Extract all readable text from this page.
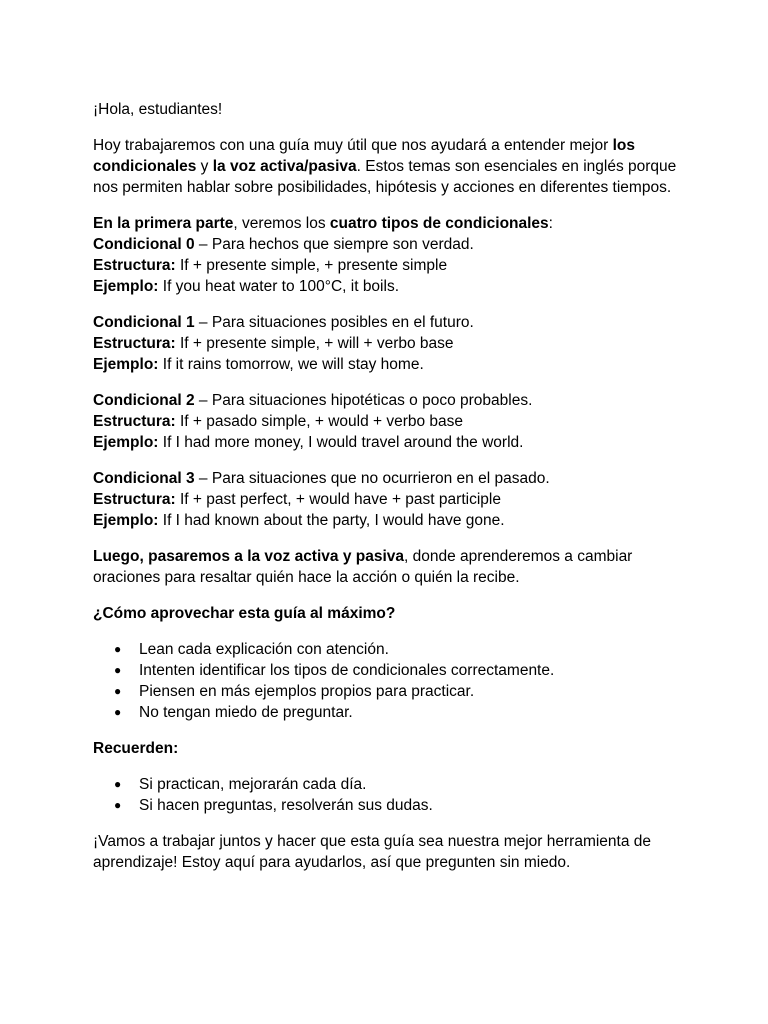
¡Hola, estudiantes!

Hoy trabajaremos con una guía muy útil que nos ayudará a entender mejor los condicionales y la voz activa/pasiva. Estos temas son esenciales en inglés porque nos permiten hablar sobre posibilidades, hipótesis y acciones en diferentes tiempos.

En la primera parte, veremos los cuatro tipos de condicionales:
Condicional 0 – Para hechos que siempre son verdad.
Estructura: If + presente simple, + presente simple
Ejemplo: If you heat water to 100°C, it boils.

Condicional 1 – Para situaciones posibles en el futuro.
Estructura: If + presente simple, + will + verbo base
Ejemplo: If it rains tomorrow, we will stay home.

Condicional 2 – Para situaciones hipotéticas o poco probables.
Estructura: If + pasado simple, + would + verbo base
Ejemplo: If I had more money, I would travel around the world.

Condicional 3 – Para situaciones que no ocurrieron en el pasado.
Estructura: If + past perfect, + would have + past participle
Ejemplo: If I had known about the party, I would have gone.

Luego, pasaremos a la voz activa y pasiva, donde aprenderemos a cambiar oraciones para resaltar quién hace la acción o quién la recibe.

¿Cómo aprovechar esta guía al máximo?

● Lean cada explicación con atención.
● Intenten identificar los tipos de condicionales correctamente.
● Piensen en más ejemplos propios para practicar.
● No tengan miedo de preguntar.

Recuerden:

● Si practican, mejorarán cada día.
● Si hacen preguntas, resolverán sus dudas.

¡Vamos a trabajar juntos y hacer que esta guía sea nuestra mejor herramienta de aprendizaje! Estoy aquí para ayudarlos, así que pregunten sin miedo.
